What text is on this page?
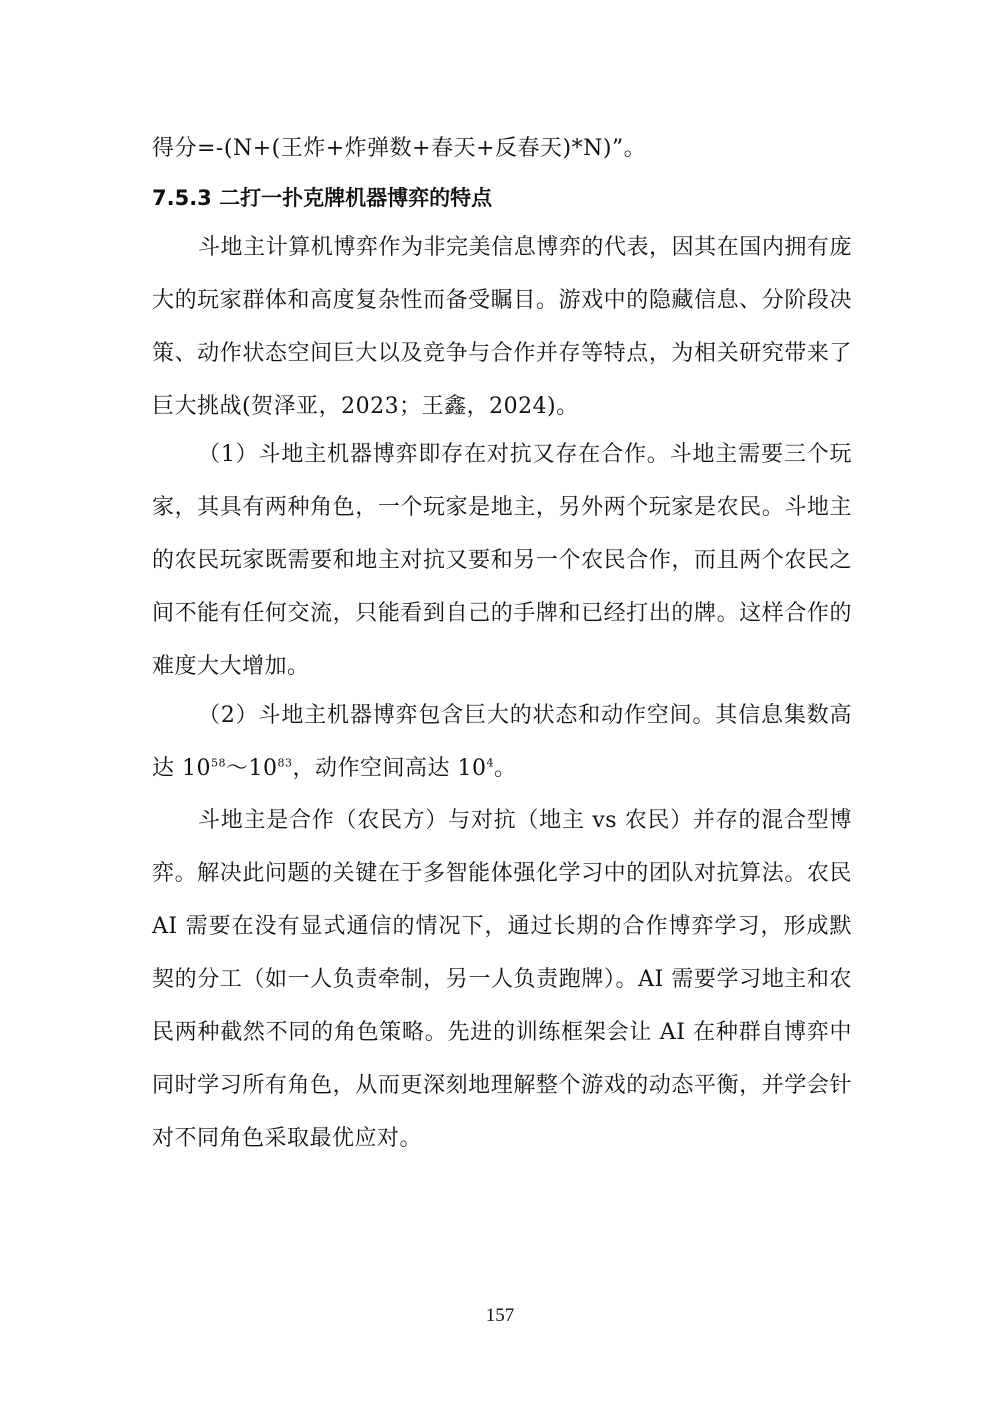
得分=-(N+(王炸+炸弹数+春天+反春天)*N)”。

7.5.3 二打一扑克牌机器博弈的特点

斗地主计算机博弈作为非完美信息博弈的代表，因其在国内拥有庞大的玩家群体和高度复杂性而备受瞩目。游戏中的隐藏信息、分阶段决策、动作状态空间巨大以及竞争与合作并存等特点，为相关研究带来了巨大挑战(贺泽亚，2023；王鑫，2024)。

（1）斗地主机器博弈即存在对抗又存在合作。斗地主需要三个玩家，其具有两种角色，一个玩家是地主，另外两个玩家是农民。斗地主的农民玩家既需要和地主对抗又要和另一个农民合作，而且两个农民之间不能有任何交流，只能看到自己的手牌和已经打出的牌。这样合作的难度大大增加。

（2）斗地主机器博弈包含巨大的状态和动作空间。其信息集数高达 $10^{58}\sim 10^{83}$，动作空间高达 $10^4$。

斗地主是合作（农民方）与对抗（地主 vs 农民）并存的混合型博弈。解决此问题的关键在于多智能体强化学习中的团队对抗算法。农民 AI 需要在没有显式通信的情况下，通过长期的合作博弈学习，形成默契的分工（如一人负责牵制，另一人负责跑牌）。AI 需要学习地主和农民两种截然不同的角色策略。先进的训练框架会让 AI 在种群自博弈中同时学习所有角色，从而更深刻地理解整个游戏的动态平衡，并学会针对不同角色采取最优应对。

157
